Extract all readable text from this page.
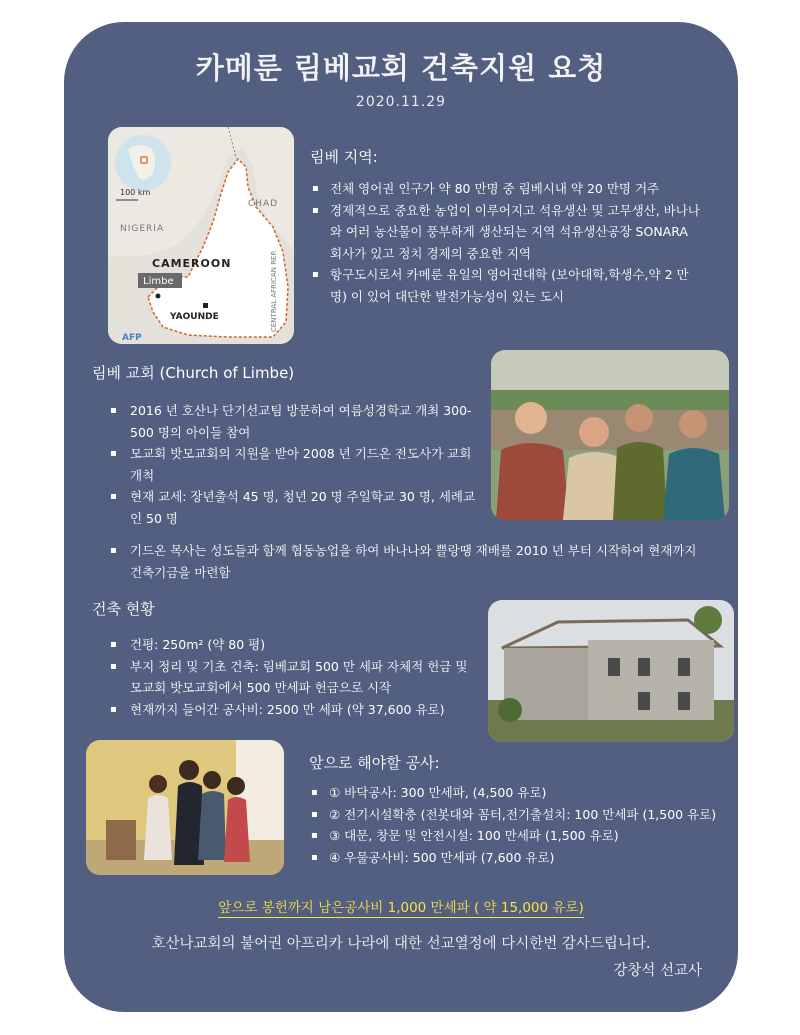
카메룬 림베교회 건축지원 요청
2020.11.29
100 km
NIGERIA
CHAD
CENTRAL AFRICAN REP.
CAMEROON
Limbe
YAOUNDE
AFP
림베 지역:
▪ 전체 영어권 인구가 약 80 만명 중 림베시내 약 20 만명 거주
▪ 경제적으로 중요한 농업이 이루어지고 석유생산 및 고무생산, 바나나와 여러 농산물이 풍부하게 생산되는 지역 석유생산공장 SONARA 회사가 있고 정치 경제의 중요한 지역
▪ 항구도시로서 카메룬 유일의 영어권대학 (보아대학,학생수,약 2 만명) 이 있어 대단한 발전가능성이 있는 도시
림베 교회 (Church of Limbe)
▪ 2016 년 호산나 단기선교팀 방문하여 여름성경학교 개최 300-500 명의 아이들 참여
▪ 모교회 밧모교회의 지원을 받아 2008 년 기드온 전도사가 교회 개척
▪ 현재 교세: 장년출석 45 명, 청년 20 명 주일학교 30 명, 세례교인 50 명
▪ 기드온 목사는 성도들과 함께 협동농업을 하여 바나나와 쁠랑땡 재배를 2010 년 부터 시작하여 현재까지 건축기금을 마련함
건축 현황
▪ 건평: 250m² (약 80 평)
▪ 부지 정리 및 기초 건축: 림베교회 500 만 세파 자체적 헌금 및 모교회 밧모교회에서 500 만세파 헌금으로 시작
▪ 현재까지 들어간 공사비: 2500 만 세파 (약 37,600 유로)
앞으로 해야할 공사:
▪ ① 바닥공사: 300 만세파, (4,500 유로)
▪ ② 전기시설확충 (전봇대와 꼼터,전기출설치: 100 만세파 (1,500 유로)
▪ ③ 대문, 창문 및 안전시설: 100 만세파 (1,500 유로)
▪ ④ 우물공사비: 500 만세파 (7,600 유로)
앞으로 봉헌까지 남은공사비 1,000 만세파 ( 약 15,000 유로)
호산나교회의 불어권 아프리카 나라에 대한 선교열정에 다시한번 감사드립니다.
강창석 선교사
